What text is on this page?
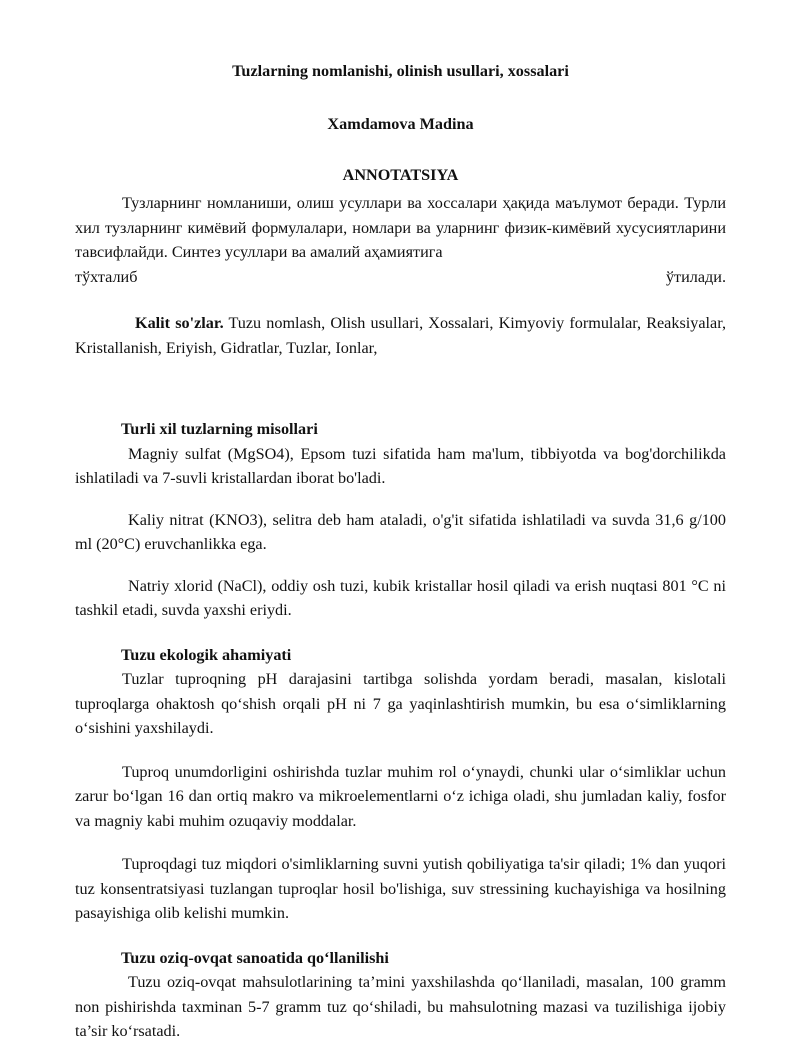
Tuzlarning nomlanishi, olinish usullari, xossalari
Xamdamova Madina
ANNOTATSIYA

Тузларнинг номланиши, олиш усуллари ва хоссалари ҳақида маълумот беради. Турли хил тузларнинг кимёвий формулалари, номлари ва уларнинг физик-кимёвий хусусиятларини тавсифлайди. Синтез усуллари ва амалий аҳамиятига

тўхталиб	ўтилади.

Kalit so'zlar. Tuzu nomlash, Olish usullari, Xossalari, Kimyoviy formulalar, Reaksiyalar, Kristallanish, Eriyish, Gidratlar, Tuzlar, Ionlar,

Turli xil tuzlarning misollari

Magniy sulfat (MgSO4), Epsom tuzi sifatida ham ma'lum, tibbiyotda va bog'dorchilikda ishlatiladi va 7-suvli kristallardan iborat bo'ladi.

Kaliy nitrat (KNO3), selitra deb ham ataladi, o'g'it sifatida ishlatiladi va suvda 31,6 g/100 ml (20°C) eruvchanlikka ega.

Natriy xlorid (NaCl), oddiy osh tuzi, kubik kristallar hosil qiladi va erish nuqtasi 801 °C ni tashkil etadi, suvda yaxshi eriydi.

Tuzu ekologik ahamiyati

Tuzlar tuproqning pH darajasini tartibga solishda yordam beradi, masalan, kislotali tuproqlarga ohaktosh qo‘shish orqali pH ni 7 ga yaqinlashtirish mumkin, bu esa o‘simliklarning o‘sishini yaxshilaydi.

Tuproq unumdorligini oshirishda tuzlar muhim rol o‘ynaydi, chunki ular o‘simliklar uchun zarur bo‘lgan 16 dan ortiq makro va mikroelementlarni o‘z ichiga oladi, shu jumladan kaliy, fosfor va magniy kabi muhim ozuqaviy moddalar.

Tuproqdagi tuz miqdori o'simliklarning suvni yutish qobiliyatiga ta'sir qiladi; 1% dan yuqori tuz konsentratsiyasi tuzlangan tuproqlar hosil bo'lishiga, suv stressining kuchayishiga va hosilning pasayishiga olib kelishi mumkin.

Tuzu oziq-ovqat sanoatida qo‘llanilishi

Tuzu oziq-ovqat mahsulotlarining ta’mini yaxshilashda qo‘llaniladi, masalan, 100 gramm non pishirishda taxminan 5-7 gramm tuz qo‘shiladi, bu mahsulotning mazasi va tuzilishiga ijobiy ta’sir ko‘rsatadi.
